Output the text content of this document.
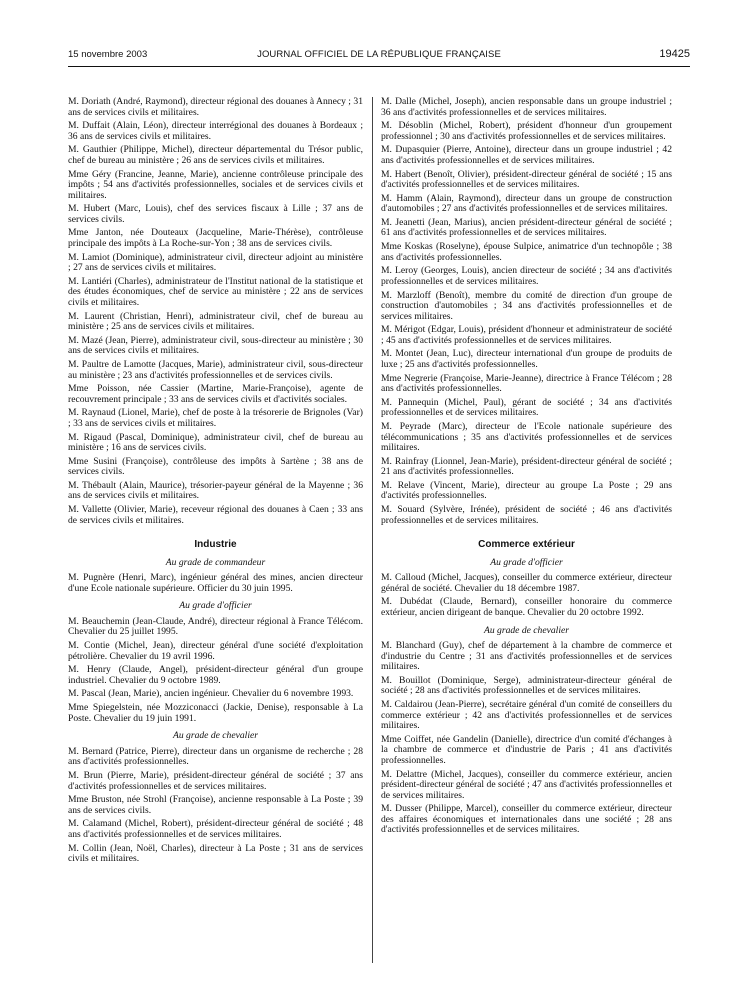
15 novembre 2003	JOURNAL OFFICIEL DE LA RÉPUBLIQUE FRANÇAISE	19425

M. Doriath (André, Raymond), directeur régional des douanes à Annecy ; 31 ans de services civils et militaires.

M. Duffait (Alain, Léon), directeur interrégional des douanes à Bordeaux ; 36 ans de services civils et militaires.

M. Gauthier (Philippe, Michel), directeur départemental du Trésor public, chef de bureau au ministère ; 26 ans de services civils et militaires.

Mme Géry (Francine, Jeanne, Marie), ancienne contrôleuse principale des impôts ; 54 ans d'activités professionnelles, sociales et de services civils et militaires.

M. Hubert (Marc, Louis), chef des services fiscaux à Lille ; 37 ans de services civils.

Mme Janton, née Douteaux (Jacqueline, Marie-Thérèse), contrôleuse principale des impôts à La Roche-sur-Yon ; 38 ans de services civils.

M. Lamiot (Dominique), administrateur civil, directeur adjoint au ministère ; 27 ans de services civils et militaires.

M. Lantiéri (Charles), administrateur de l'Institut national de la statistique et des études économiques, chef de service au ministère ; 22 ans de services civils et militaires.

M. Laurent (Christian, Henri), administrateur civil, chef de bureau au ministère ; 25 ans de services civils et militaires.

M. Mazé (Jean, Pierre), administrateur civil, sous-directeur au ministère ; 30 ans de services civils et militaires.

M. Paultre de Lamotte (Jacques, Marie), administrateur civil, sous-directeur au ministère ; 23 ans d'activités professionnelles et de services civils.

Mme Poisson, née Cassier (Martine, Marie-Françoise), agente de recouvrement principale ; 33 ans de services civils et d'activités sociales.

M. Raynaud (Lionel, Marie), chef de poste à la trésorerie de Brignoles (Var) ; 33 ans de services civils et militaires.

M. Rigaud (Pascal, Dominique), administrateur civil, chef de bureau au ministère ; 16 ans de services civils.

Mme Susini (Françoise), contrôleuse des impôts à Sartène ; 38 ans de services civils.

M. Thébault (Alain, Maurice), trésorier-payeur général de la Mayenne ; 36 ans de services civils et militaires.

M. Vallette (Olivier, Marie), receveur régional des douanes à Caen ; 33 ans de services civils et militaires.

Industrie
Au grade de commandeur

M. Pugnère (Henri, Marc), ingénieur général des mines, ancien directeur d'une Ecole nationale supérieure. Officier du 30 juin 1995.

Au grade d'officier

M. Beauchemin (Jean-Claude, André), directeur régional à France Télécom. Chevalier du 25 juillet 1995.

M. Contie (Michel, Jean), directeur général d'une société d'exploitation pétrolière. Chevalier du 19 avril 1996.

M. Henry (Claude, Angel), président-directeur général d'un groupe industriel. Chevalier du 9 octobre 1989.

M. Pascal (Jean, Marie), ancien ingénieur. Chevalier du 6 novembre 1993.

Mme Spiegelstein, née Mozziconacci (Jackie, Denise), responsable à La Poste. Chevalier du 19 juin 1991.

Au grade de chevalier

M. Bernard (Patrice, Pierre), directeur dans un organisme de recherche ; 28 ans d'activités professionnelles.

M. Brun (Pierre, Marie), président-directeur général de société ; 37 ans d'activités professionnelles et de services militaires.

Mme Bruston, née Strohl (Françoise), ancienne responsable à La Poste ; 39 ans de services civils.

M. Calamand (Michel, Robert), président-directeur général de société ; 48 ans d'activités professionnelles et de services militaires.

M. Collin (Jean, Noël, Charles), directeur à La Poste ; 31 ans de services civils et militaires.

M. Dalle (Michel, Joseph), ancien responsable dans un groupe industriel ; 36 ans d'activités professionnelles et de services militaires.

M. Désoblin (Michel, Robert), président d'honneur d'un groupement professionnel ; 30 ans d'activités professionnelles et de services militaires.

M. Dupasquier (Pierre, Antoine), directeur dans un groupe industriel ; 42 ans d'activités professionnelles et de services militaires.

M. Habert (Benoît, Olivier), président-directeur général de société ; 15 ans d'activités professionnelles et de services militaires.

M. Hamm (Alain, Raymond), directeur dans un groupe de construction d'automobiles ; 27 ans d'activités professionnelles et de services militaires.

M. Jeanetti (Jean, Marius), ancien président-directeur général de société ; 61 ans d'activités professionnelles et de services militaires.

Mme Koskas (Roselyne), épouse Sulpice, animatrice d'un technopôle ; 38 ans d'activités professionnelles.

M. Leroy (Georges, Louis), ancien directeur de société ; 34 ans d'activités professionnelles et de services militaires.

M. Marzloff (Benoît), membre du comité de direction d'un groupe de construction d'automobiles ; 34 ans d'activités professionnelles et de services militaires.

M. Mérigot (Edgar, Louis), président d'honneur et administrateur de société ; 45 ans d'activités professionnelles et de services militaires.

M. Montet (Jean, Luc), directeur international d'un groupe de produits de luxe ; 25 ans d'activités professionnelles.

Mme Negrerie (Françoise, Marie-Jeanne), directrice à France Télécom ; 28 ans d'activités professionnelles.

M. Pannequin (Michel, Paul), gérant de société ; 34 ans d'activités professionnelles et de services militaires.

M. Peyrade (Marc), directeur de l'Ecole nationale supérieure des télécommunications ; 35 ans d'activités professionnelles et de services militaires.

M. Rainfray (Lionnel, Jean-Marie), président-directeur général de société ; 21 ans d'activités professionnelles.

M. Relave (Vincent, Marie), directeur au groupe La Poste ; 29 ans d'activités professionnelles.

M. Souard (Sylvère, Irénée), président de société ; 46 ans d'activités professionnelles et de services militaires.

Commerce extérieur
Au grade d'officier

M. Calloud (Michel, Jacques), conseiller du commerce extérieur, directeur général de société. Chevalier du 18 décembre 1987.

M. Dubédat (Claude, Bernard), conseiller honoraire du commerce extérieur, ancien dirigeant de banque. Chevalier du 20 octobre 1992.

Au grade de chevalier

M. Blanchard (Guy), chef de département à la chambre de commerce et d'industrie du Centre ; 31 ans d'activités professionnelles et de services militaires.

M. Bouillot (Dominique, Serge), administrateur-directeur général de société ; 28 ans d'activités professionnelles et de services militaires.

M. Caldairou (Jean-Pierre), secrétaire général d'un comité de conseillers du commerce extérieur ; 42 ans d'activités professionnelles et de services militaires.

Mme Coiffet, née Gandelin (Danielle), directrice d'un comité d'échanges à la chambre de commerce et d'industrie de Paris ; 41 ans d'activités professionnelles.

M. Delattre (Michel, Jacques), conseiller du commerce extérieur, ancien président-directeur général de société ; 47 ans d'activités professionnelles et de services militaires.

M. Dusser (Philippe, Marcel), conseiller du commerce extérieur, directeur des affaires économiques et internationales dans une société ; 28 ans d'activités professionnelles et de services militaires.
